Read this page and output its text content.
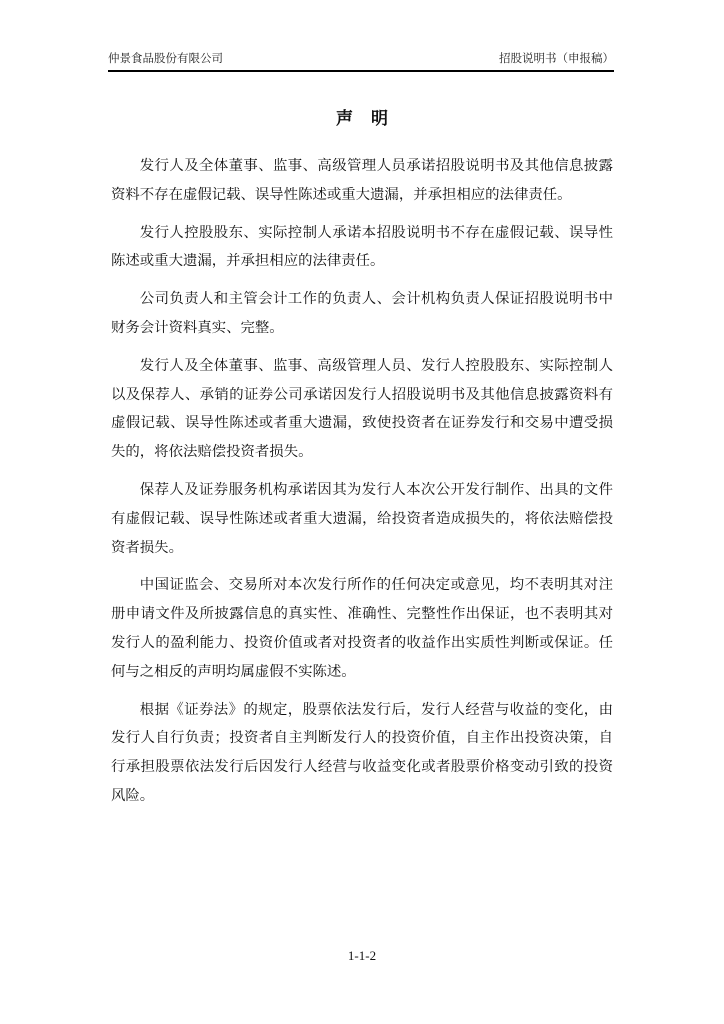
仲景食品股份有限公司	招股说明书（申报稿）
声明

发行人及全体董事、监事、高级管理人员承诺招股说明书及其他信息披露资料不存在虚假记载、误导性陈述或重大遗漏，并承担相应的法律责任。

发行人控股股东、实际控制人承诺本招股说明书不存在虚假记载、误导性陈述或重大遗漏，并承担相应的法律责任。

公司负责人和主管会计工作的负责人、会计机构负责人保证招股说明书中财务会计资料真实、完整。

发行人及全体董事、监事、高级管理人员、发行人控股股东、实际控制人以及保荐人、承销的证券公司承诺因发行人招股说明书及其他信息披露资料有虚假记载、误导性陈述或者重大遗漏，致使投资者在证券发行和交易中遭受损失的，将依法赔偿投资者损失。

保荐人及证券服务机构承诺因其为发行人本次公开发行制作、出具的文件有虚假记载、误导性陈述或者重大遗漏，给投资者造成损失的，将依法赔偿投资者损失。

中国证监会、交易所对本次发行所作的任何决定或意见，均不表明其对注册申请文件及所披露信息的真实性、准确性、完整性作出保证，也不表明其对发行人的盈利能力、投资价值或者对投资者的收益作出实质性判断或保证。任何与之相反的声明均属虚假不实陈述。

根据《证券法》的规定，股票依法发行后，发行人经营与收益的变化，由发行人自行负责；投资者自主判断发行人的投资价值，自主作出投资决策，自行承担股票依法发行后因发行人经营与收益变化或者股票价格变动引致的投资风险。

1-1-2
